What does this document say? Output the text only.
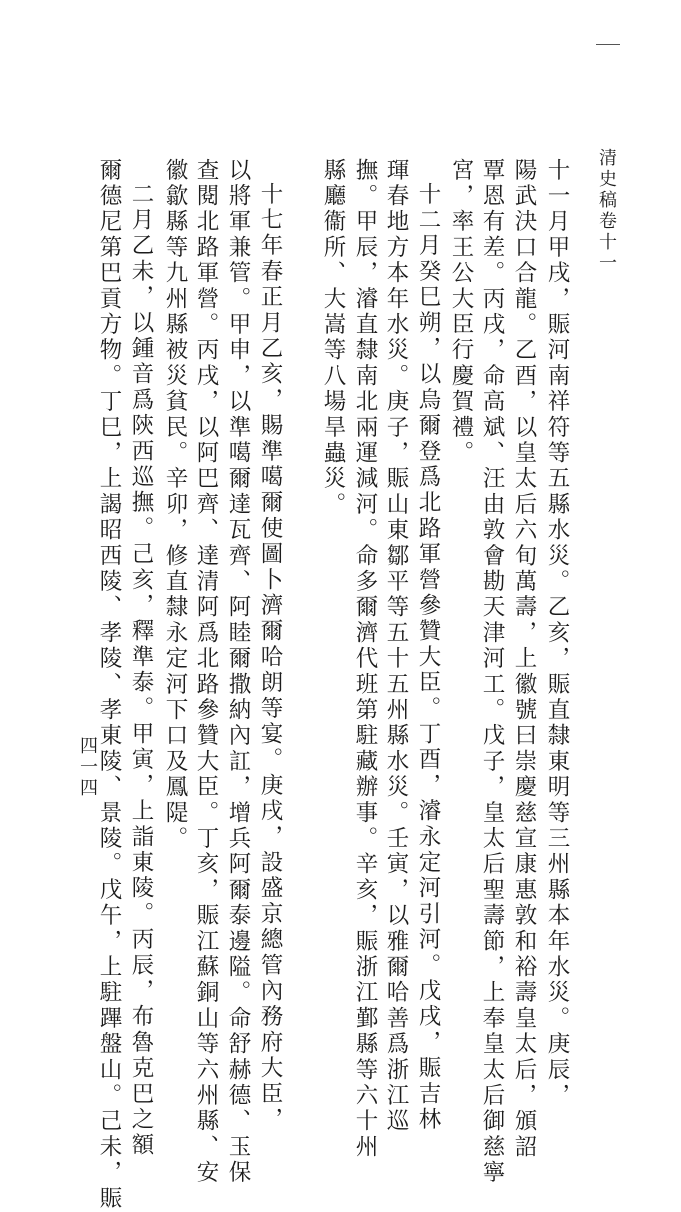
清史稿卷十一
四一四	十一月甲戌，賑河南祥符等五縣水災。乙亥，賑直隸東明等三州縣本年水災。庚辰，
陽武決口合龍。乙酉，以皇太后六旬萬壽，上徽號曰崇慶慈宣康惠敦和裕壽皇太后，頒詔
覃恩有差。丙戌，命高斌、汪由敦會勘天津河工。戊子，皇太后聖壽節，上奉皇太后御慈寧
宮，率王公大臣行慶賀禮。
十二月癸巳朔，以烏爾登爲北路軍營參贊大臣。丁酉，濬永定河引河。戊戌，賑吉林
琿春地方本年水災。庚子，賑山東鄒平等五十五州縣水災。壬寅，以雅爾哈善爲浙江巡
撫。甲辰，濬直隸南北兩運減河。命多爾濟代班第駐藏辦事。辛亥，賑浙江鄞縣等六十州
縣廳衞所、大嵩等八場旱蟲災。
十七年春正月乙亥，賜準噶爾使圖卜濟爾哈朗等宴。庚戌，設盛京總管內務府大臣，
以將軍兼管。甲申，以準噶爾達瓦齊、阿睦爾撒納內訌，增兵阿爾泰邊隘。命舒赫德、玉保
查閱北路軍營。丙戌，以阿巴齊、達清阿爲北路參贊大臣。丁亥，賑江蘇銅山等六州縣、安
徽歙縣等九州縣被災貧民。辛卯，修直隸永定河下口及鳳隄。
二月乙未，以鍾音爲陝西巡撫。己亥，釋準泰。甲寅，上詣東陵。丙辰，布魯克巴之額
爾德尼第巴貢方物。丁巳，上謁昭西陵、孝陵、孝東陵、景陵。戊午，上駐蹕盤山。己未，賑
